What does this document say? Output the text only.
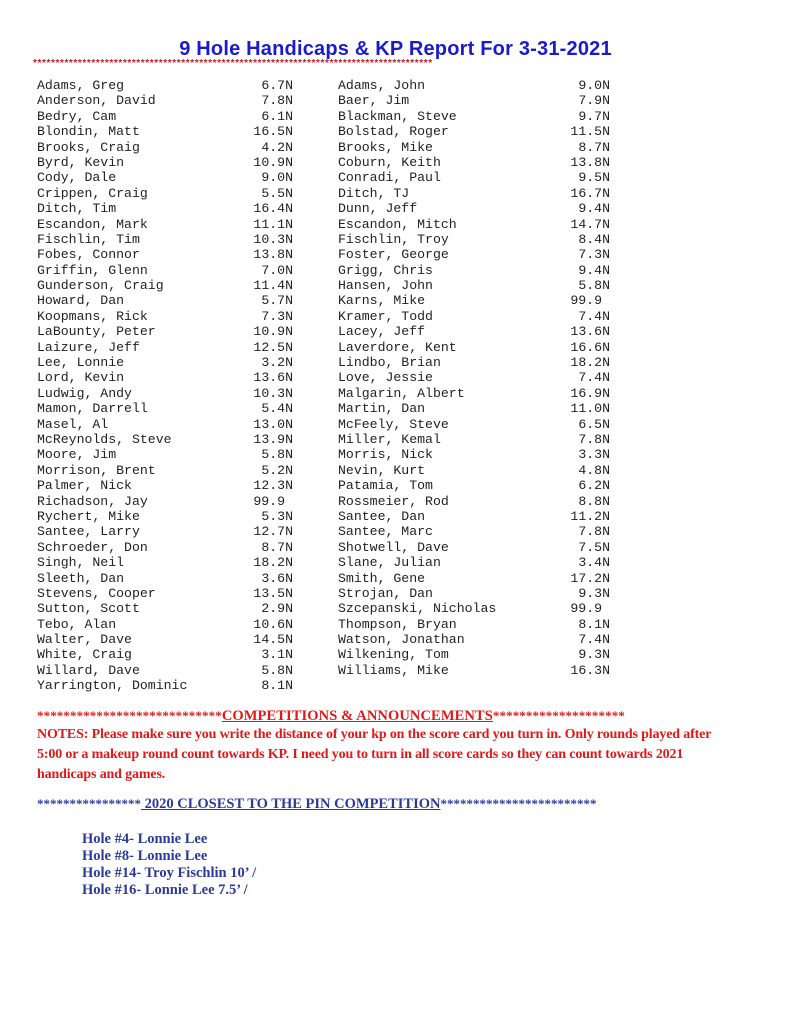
9 Hole Handicaps & KP Report For 3-31-2021
*****************************************************************************************
Adams, Greg	6.7N
Anderson, David	7.8N
Bedry, Cam	6.1N
Blondin, Matt	16.5N
Brooks, Craig	4.2N
Byrd, Kevin	10.9N
Cody, Dale	9.0N
Crippen, Craig	5.5N
Ditch, Tim	16.4N
Escandon, Mark	11.1N
Fischlin, Tim	10.3N
Fobes, Connor	13.8N
Griffin, Glenn	7.0N
Gunderson, Craig	11.4N
Howard, Dan	5.7N
Koopmans, Rick	7.3N
LaBounty, Peter	10.9N
Laizure, Jeff	12.5N
Lee, Lonnie	3.2N
Lord, Kevin	13.6N
Ludwig, Andy	10.3N
Mamon, Darrell	5.4N
Masel, Al	13.0N
McReynolds, Steve	13.9N
Moore, Jim	5.8N
Morrison, Brent	5.2N
Palmer, Nick	12.3N
Richadson, Jay	99.9
Rychert, Mike	5.3N
Santee, Larry	12.7N
Schroeder, Don	8.7N
Singh, Neil	18.2N
Sleeth, Dan	3.6N
Stevens, Cooper	13.5N
Sutton, Scott	2.9N
Tebo, Alan	10.6N
Walter, Dave	14.5N
White, Craig	3.1N
Willard, Dave	5.8N
Yarrington, Dominic	8.1N
Adams, John	9.0N
Baer, Jim	7.9N
Blackman, Steve	9.7N
Bolstad, Roger	11.5N
Brooks, Mike	8.7N
Coburn, Keith	13.8N
Conradi, Paul	9.5N
Ditch, TJ	16.7N
Dunn, Jeff	9.4N
Escandon, Mitch	14.7N
Fischlin, Troy	8.4N
Foster, George	7.3N
Grigg, Chris	9.4N
Hansen, John	5.8N
Karns, Mike	99.9
Kramer, Todd	7.4N
Lacey, Jeff	13.6N
Laverdore, Kent	16.6N
Lindbo, Brian	18.2N
Love, Jessie	7.4N
Malgarin, Albert	16.9N
Martin, Dan	11.0N
McFeely, Steve	6.5N
Miller, Kemal	7.8N
Morris, Nick	3.3N
Nevin, Kurt	4.8N
Patamia, Tom	6.2N
Rossmeier, Rod	8.8N
Santee, Dan	11.2N
Santee, Marc	7.8N
Shotwell, Dave	7.5N
Slane, Julian	3.4N
Smith, Gene	17.2N
Strojan, Dan	9.3N
Szcepanski, Nicholas	99.9
Thompson, Bryan	8.1N
Watson, Jonathan	7.4N
Wilkening, Tom	9.3N
Williams, Mike	16.3N
****************************COMPETITIONS & ANNOUNCEMENTS********************
NOTES: Please make sure you write the distance of your kp on the score card you turn in. Only rounds played after 5:00 or a makeup round count towards KP. I need you to turn in all score cards so they can count towards 2021 handicaps and games.
**************** 2020 CLOSEST TO THE PIN COMPETITION************************
Hole #4- Lonnie Lee
Hole #8- Lonnie Lee
Hole #14- Troy Fischlin 10’ /
Hole #16- Lonnie Lee 7.5’ /
